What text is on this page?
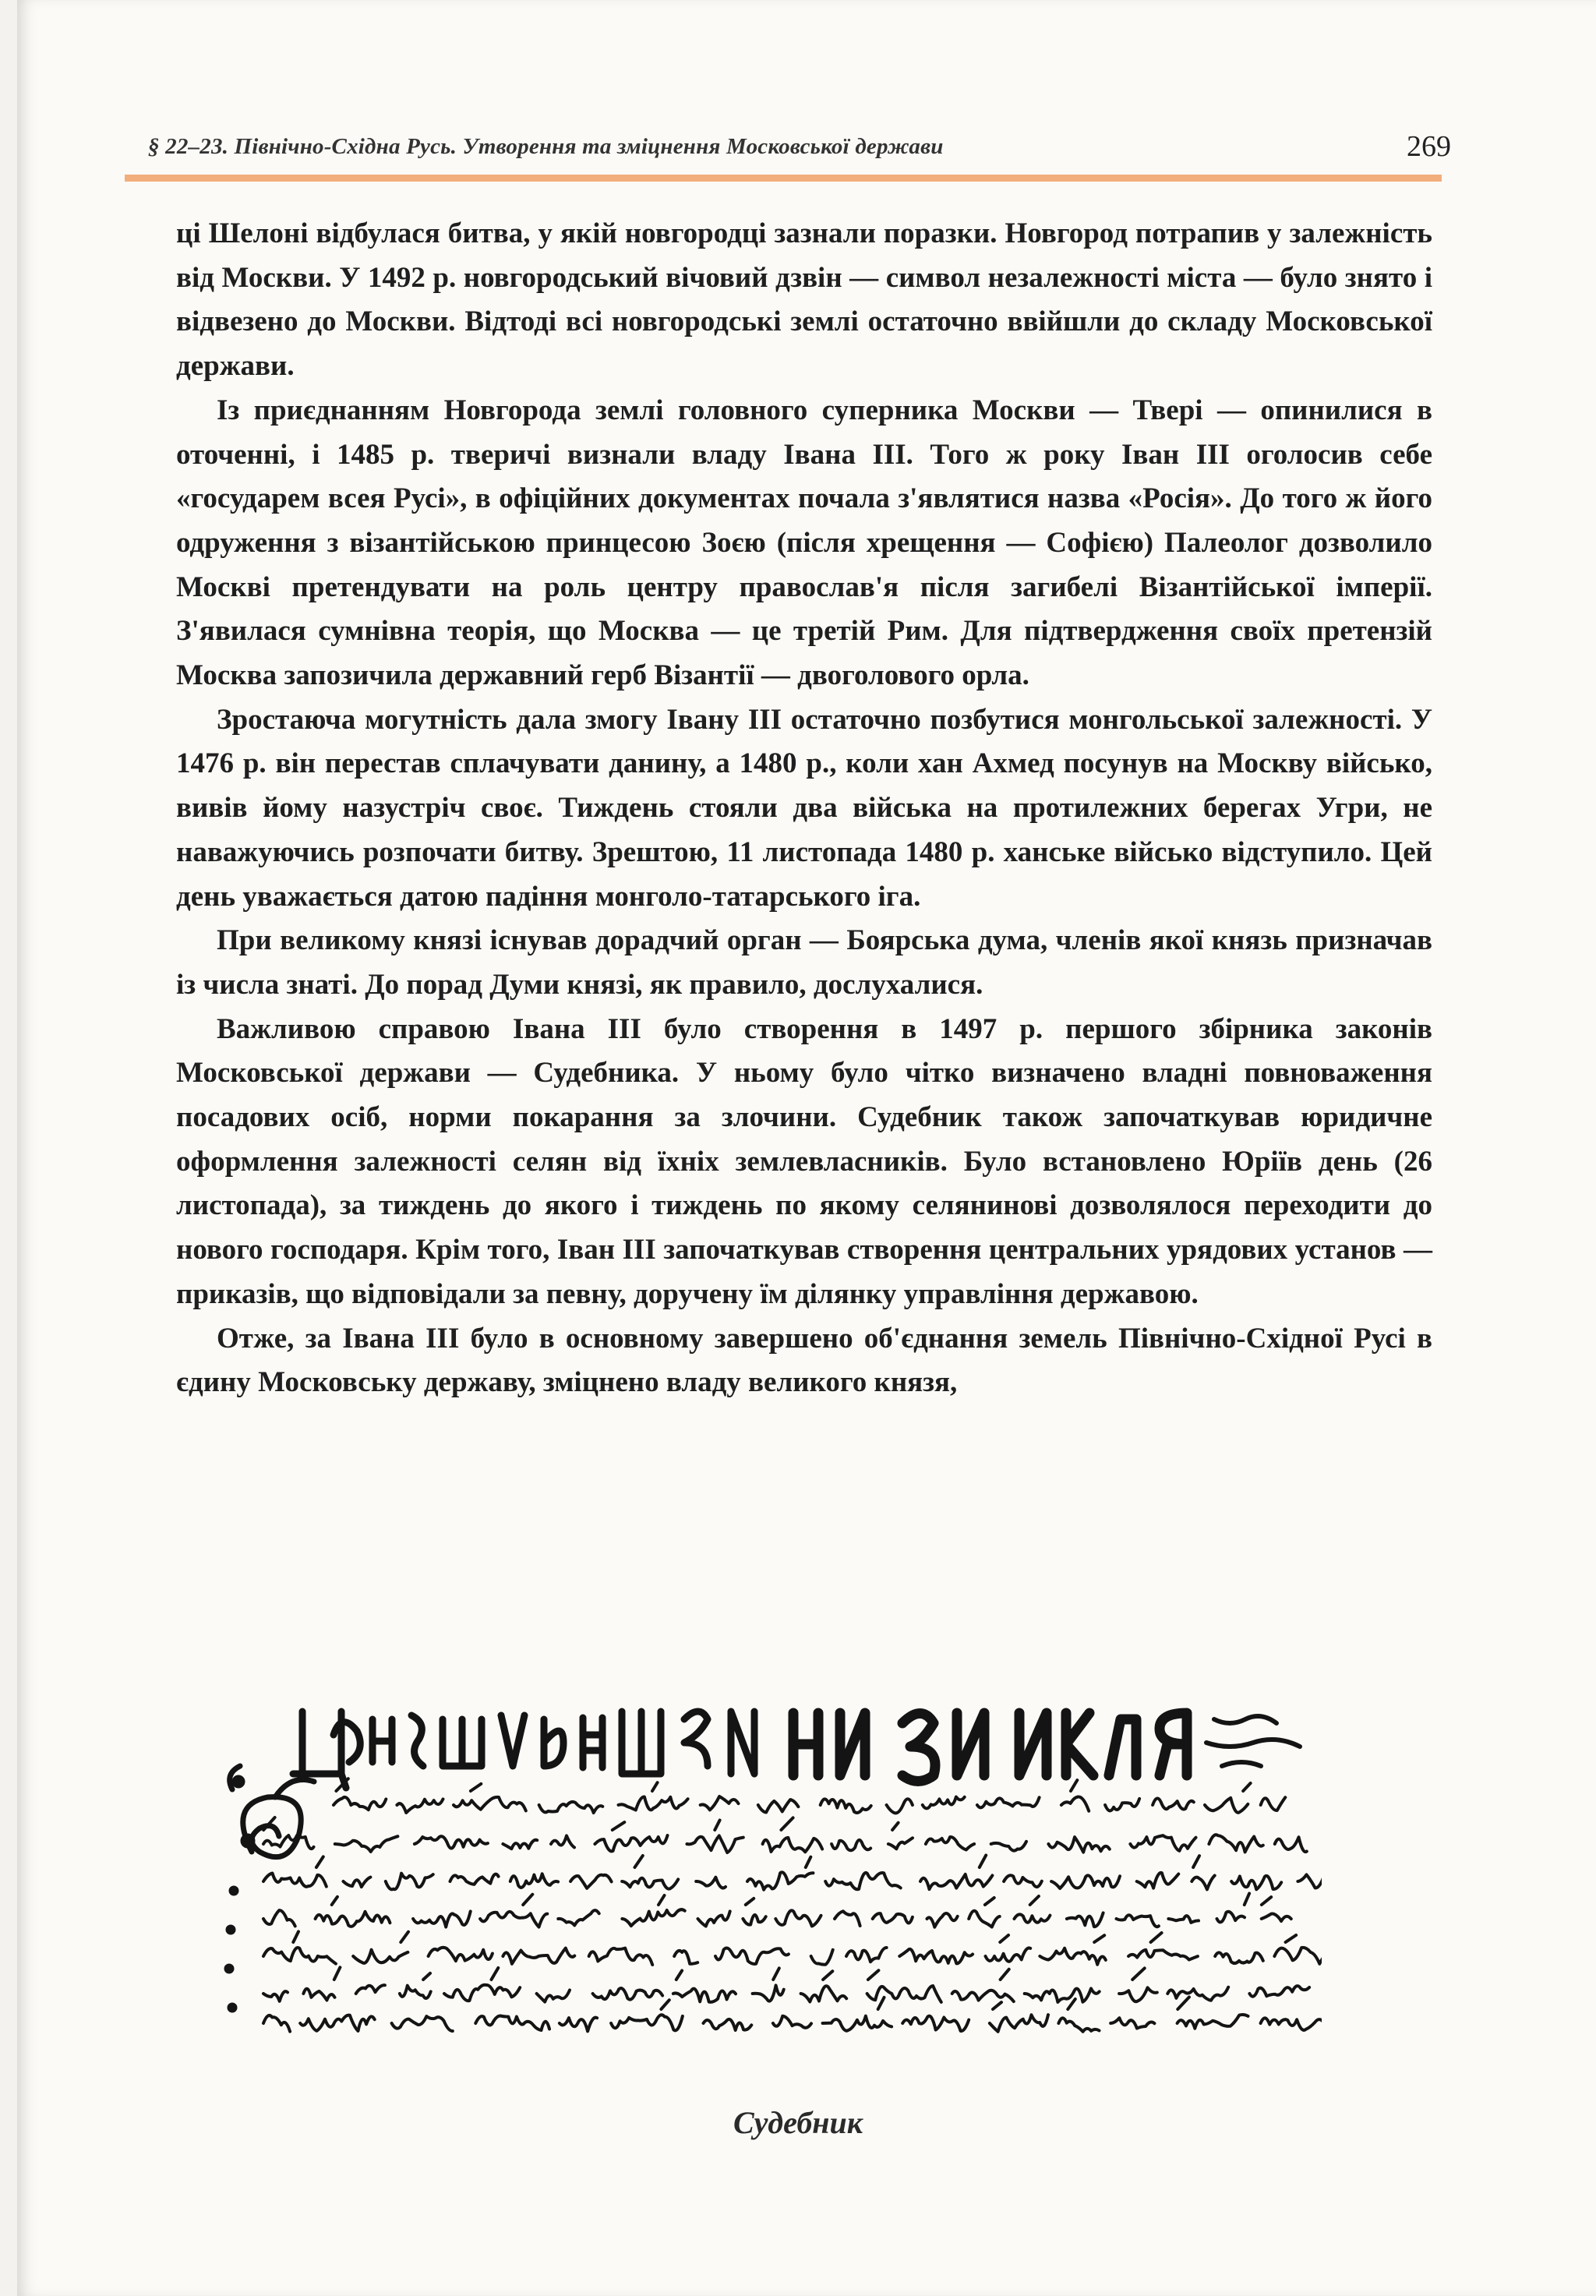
§ 22–23. Північно-Східна Русь. Утворення та зміцнення Московської держави	269

ці Шелоні відбулася битва, у якій новгородці зазнали поразки. Новгород потрапив у залежність від Москви. У 1492 р. новгородський вічовий дзвін — символ незалежності міста — було знято і відвезено до Москви. Відтоді всі новгородські землі остаточно ввійшли до складу Московської держави.

Із приєднанням Новгорода землі головного суперника Москви — Твері — опинилися в оточенні, і 1485 р. тверичі визнали владу Івана III. Того ж року Іван III оголосив себе «государем всея Русі», в офіційних документах почала з'являтися назва «Росія». До того ж його одруження з візантійською принцесою Зоєю (після хрещення — Софією) Палеолог дозволило Москві претендувати на роль центру православ'я після загибелі Візантійської імперії. З'явилася сумнівна теорія, що Москва — це третій Рим. Для підтвердження своїх претензій Москва запозичила державний герб Візантії — двоголового орла.

Зростаюча могутність дала змогу Івану III остаточно позбутися монгольської залежності. У 1476 р. він перестав сплачувати данину, а 1480 р., коли хан Ахмед посунув на Москву військо, вивів йому назустріч своє. Тиждень стояли два війська на протилежних берегах Угри, не наважуючись розпочати битву. Зрештою, 11 листопада 1480 р. ханське військо відступило. Цей день уважається датою падіння монголо-татарського іга.

При великому князі існував дорадчий орган — Боярська дума, членів якої князь призначав із числа знаті. До порад Думи князі, як правило, дослухалися.

Важливою справою Івана III було створення в 1497 р. першого збірника законів Московської держави — Судебника. У ньому було чітко визначено владні повноваження посадових осіб, норми покарання за злочини. Судебник також започаткував юридичне оформлення залежності селян від їхніх землевласників. Було встановлено Юріїв день (26 листопада), за тиждень до якого і тиждень по якому селянинові дозволялося переходити до нового господаря. Крім того, Іван III започаткував створення центральних урядових установ — приказів, що відповідали за певну, доручену їм ділянку управління державою.

Отже, за Івана III було в основному завершено об'єднання земель Північно-Східної Русі в єдину Московську державу, зміцнено владу великого князя,

Судебник
